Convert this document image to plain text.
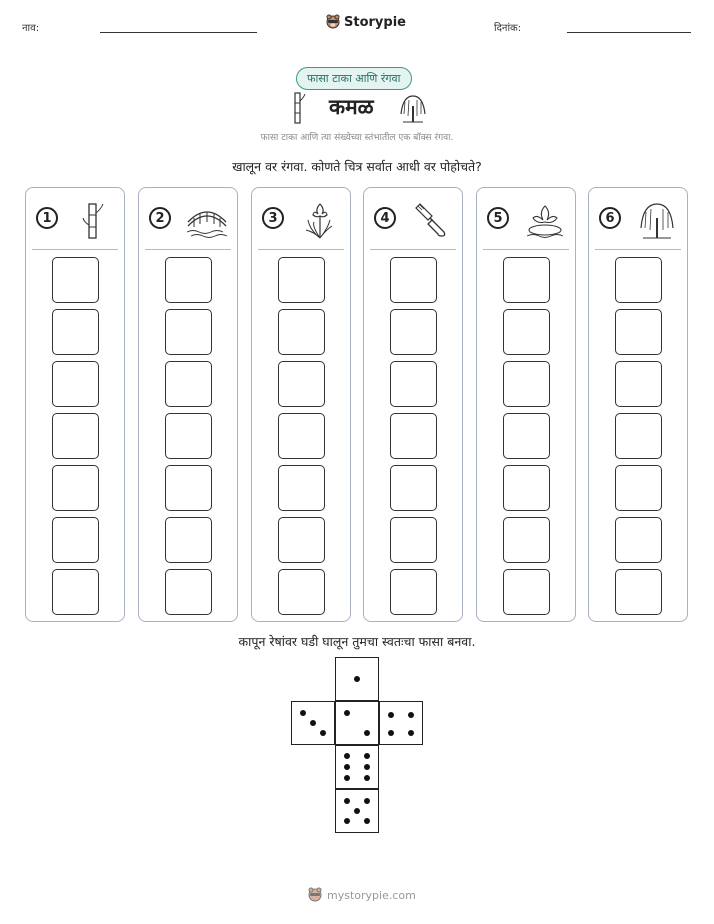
नाव:	Storypie	दिनांक:
फासा टाका आणि रंगवा
कमळ
फासा टाका आणि त्या संख्येच्या स्तंभातील एक बॉक्स रंगवा.
खालून वर रंगवा. कोणते चित्र सर्वात आधी वर पोहोचते?
1	2	3	4	5	6
कापून रेषांवर घडी घालून तुमचा स्वतःचा फासा बनवा.
mystorypie.com
